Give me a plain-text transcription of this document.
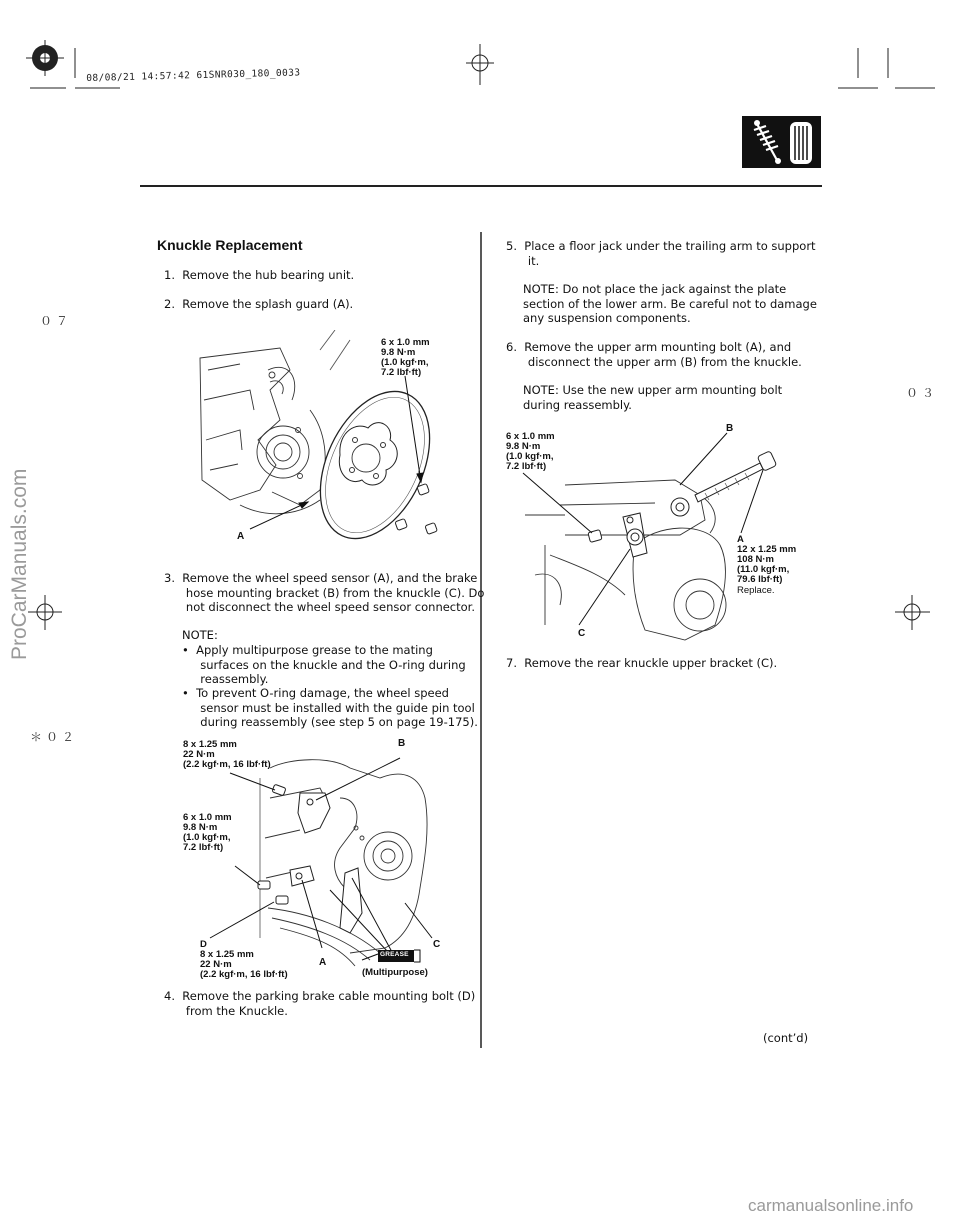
08/08/21 14:57:42 61SNR030_180_0033
０７
＊０２
０３
ProCarManuals.com
carmanualsonline.info
Knuckle Replacement
1.  Remove the hub bearing unit.
2.  Remove the splash guard (A).
6 x 1.0 mm
9.8 N·m
(1.0 kgf·m,
7.2 lbf·ft)
A
3.  Remove the wheel speed sensor (A), and the brake
hose mounting bracket (B) from the knuckle (C). Do
not disconnect the wheel speed sensor connector.
NOTE:
•  Apply multipurpose grease to the mating
surfaces on the knuckle and the O-ring during
reassembly.
•  To prevent O-ring damage, the wheel speed
sensor must be installed with the guide pin tool
during reassembly (see step 5 on page 19-175).
GREASE
8 x 1.25 mm
22 N·m
(2.2 kgf·m, 16 lbf·ft)
B
6 x 1.0 mm
9.8 N·m
(1.0 kgf·m,
7.2 lbf·ft)
D
8 x 1.25 mm
22 N·m
(2.2 kgf·m, 16 lbf·ft)
A
C
(Multipurpose)
4.  Remove the parking brake cable mounting bolt (D)
from the Knuckle.
5.  Place a floor jack under the trailing arm to support
it.
NOTE: Do not place the jack against the plate
section of the lower arm. Be careful not to damage
any suspension components.
6.  Remove the upper arm mounting bolt (A), and
disconnect the upper arm (B) from the knuckle.
NOTE: Use the new upper arm mounting bolt
during reassembly.
6 x 1.0 mm
9.8 N·m
(1.0 kgf·m,
7.2 lbf·ft)
B
A
12 x 1.25 mm
108 N·m
(11.0 kgf·m,
79.6 lbf·ft)
Replace.
C
7.  Remove the rear knuckle upper bracket (C).
(cont’d)
